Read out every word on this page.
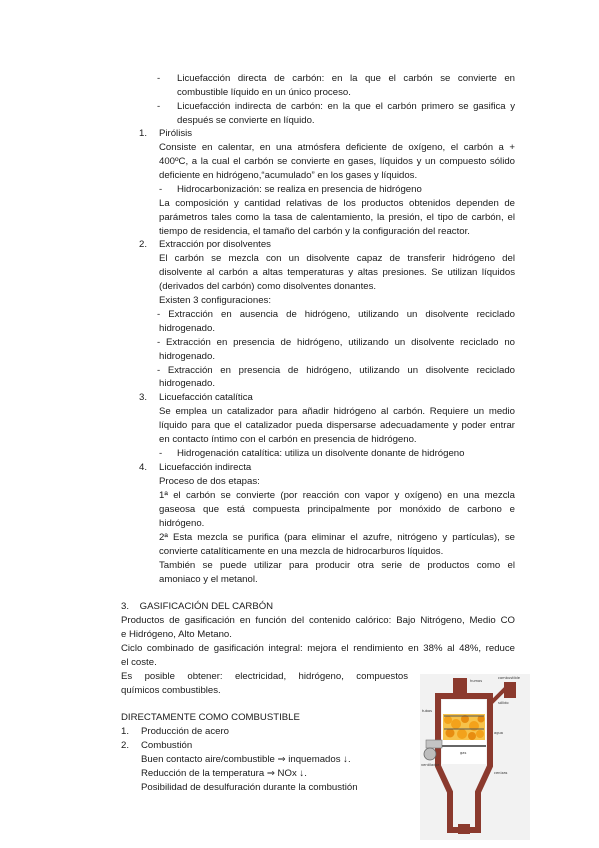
- Licuefacción directa de carbón: en la que el carbón se convierte en
combustible líquido en un único proceso.
- Licuefacción indirecta de carbón: en la que el carbón primero se gasifica y
después se convierte en líquido.
1. Pirólisis
Consiste en calentar, en una atmósfera deficiente de oxígeno, el carbón a +
400ºC, a la cual el carbón se convierte en gases, líquidos y un compuesto sólido
deficiente en hidrógeno,“acumulado” en los gases y líquidos.
- Hidrocarbonización: se realiza en presencia de hidrógeno
La composición y cantidad relativas de los productos obtenidos dependen de
parámetros tales como la tasa de calentamiento, la presión, el tipo de carbón, el
tiempo de residencia, el tamaño del carbón y la configuración del reactor.
2. Extracción por disolventes
El carbón se mezcla con un disolvente capaz de transferir hidrógeno del
disolvente al carbón a altas temperaturas y altas presiones. Se utilizan líquidos
(derivados del carbón) como disolventes donantes.
Existen 3 configuraciones:
- Extracción en ausencia de hidrógeno, utilizando un disolvente reciclado
hidrogenado.
- Extracción en presencia de hidrógeno, utilizando un disolvente reciclado no
hidrogenado.
- Extracción en presencia de hidrógeno, utilizando un disolvente reciclado
hidrogenado.
3. Licuefacción catalítica
Se emplea un catalizador para añadir hidrógeno al carbón. Requiere un medio
líquido para que el catalizador pueda dispersarse adecuadamente y poder entrar
en contacto íntimo con el carbón en presencia de hidrógeno.
- Hidrogenación catalítica: utiliza un disolvente donante de hidrógeno
4. Licuefacción indirecta
Proceso de dos etapas:
1ª el carbón se convierte (por reacción con vapor y oxígeno) en una mezcla
gaseosa que está compuesta principalmente por monóxido de carbono e
hidrógeno.
2ª Esta mezcla se purifica (para eliminar el azufre, nitrógeno y partículas), se
convierte catalíticamente en una mezcla de hidrocarburos líquidos.
También se puede utilizar para producir otra serie de productos como el
amoniaco y el metanol.
3.    GASIFICACIÓN DEL CARBÓN
Productos de gasificación en función del contenido calórico: Bajo Nitrógeno, Medio CO
e Hidrógeno, Alto Metano.
Ciclo combinado de gasificación integral: mejora el rendimiento en 38% al 48%, reduce
el coste.
Es posible obtener: electricidad, hidrógeno, compuestos
químicos combustibles.
DIRECTAMENTE COMO COMBUSTIBLE
1. Producción de acero
2. Combustión
Buen contacto aire/combustible ⇒ inquemados ↓.
Reducción de la temperatura ⇒ NOx ↓.
Posibilidad de desulfuración durante la combustión
humos
combustible
sólido
tubos
agua
cenizas
gas
ventilador
